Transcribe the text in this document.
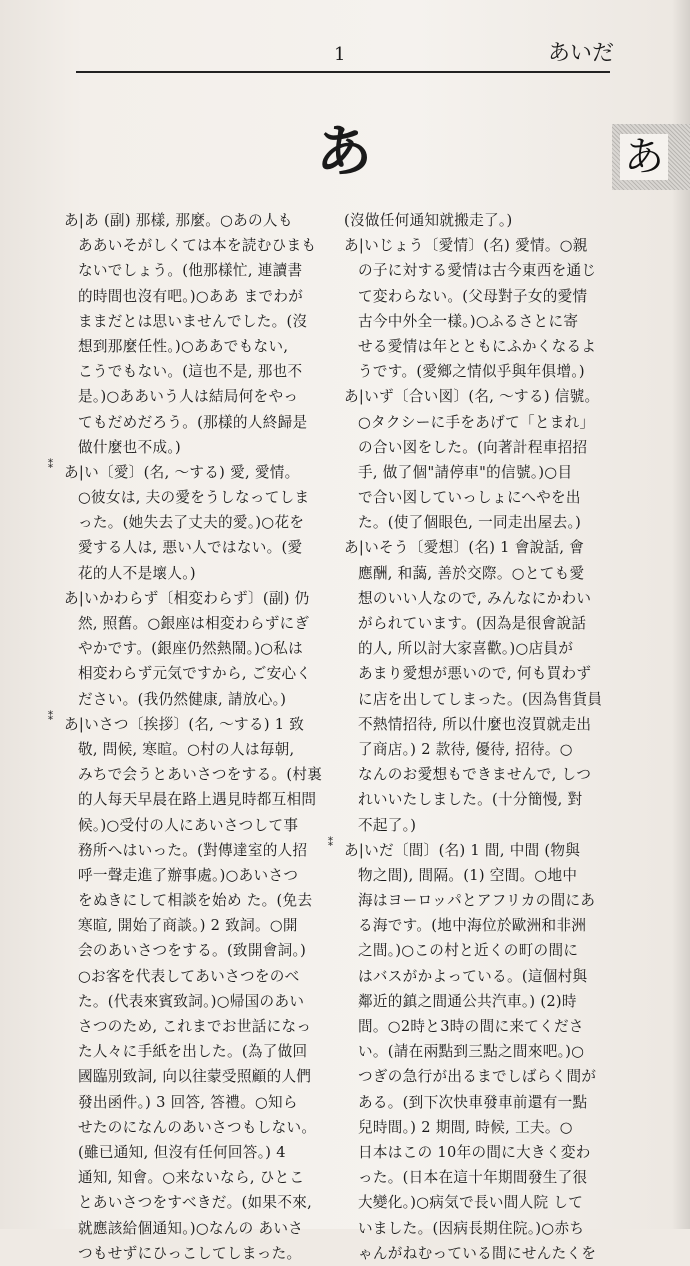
1	あいだ
あ	あ
あ|あ (副) 那樣, 那麼。○あの人も
ああいそがしくては本を読むひまも
ないでしょう。(他那樣忙, 連讀書
的時間也沒有吧。)○ああ までわが
ままだとは思いませんでした。(沒
想到那麼任性。)○ああでもない,
こうでもない。(這也不是, 那也不
是。)○ああいう人は結局何をやっ
てもだめだろう。(那樣的人終歸是
做什麼也不成。)
⁑ あ|い〔愛〕(名, ～する) 愛, 愛情。
○彼女は, 夫の愛をうしなってしま
った。(她失去了丈夫的愛。)○花を
愛する人は, 悪い人ではない。(愛
花的人不是壞人。)
あ|いかわらず〔相変わらず〕(副) 仍
然, 照舊。○銀座は相変わらずにぎ
やかです。(銀座仍然熱鬧。)○私は
相変わらず元気ですから, ご安心く
ださい。(我仍然健康, 請放心。)
⁑ あ|いさつ〔挨拶〕(名, ～する) 1 致
敬, 問候, 寒暄。○村の人は毎朝,
みちで会うとあいさつをする。(村裏
的人每天早晨在路上遇見時都互相問
候。)○受付の人にあいさつして事
務所へはいった。(對傳達室的人招
呼一聲走進了辦事處。)○あいさつ
をぬきにして相談を始め た。(免去
寒暄, 開始了商談。) 2 致詞。○開
会のあいさつをする。(致開會詞。)
○お客を代表してあいさつをのべ
た。(代表來賓致詞。)○帰国のあい
さつのため, これまでお世話になっ
た人々に手紙を出した。(為了做回
國臨別致詞, 向以往蒙受照顧的人們
發出函件。) 3 回答, 答禮。○知ら
せたのになんのあいさつもしない。
(雖已通知, 但沒有任何回答。) 4
通知, 知會。○来ないなら, ひとこ
とあいさつをすべきだ。(如果不來,
就應該給個通知。)○なんの あいさ
つもせずにひっこしてしまった。
(沒做任何通知就搬走了。)
あ|いじょう〔愛情〕(名) 愛情。○親
の子に対する愛情は古今東西を通じ
て変わらない。(父母對子女的愛情
古今中外全一樣。)○ふるさとに寄
せる愛情は年とともにふかくなるよ
うです。(愛鄉之情似乎與年俱增。)
あ|いず〔合い図〕(名, ～する) 信號。
○タクシーに手をあげて「とまれ」
の合い図をした。(向著計程車招招
手, 做了個"請停車"的信號。)○目
で合い図していっしょにへやを出
た。(使了個眼色, 一同走出屋去。)
あ|いそう〔愛想〕(名) 1 會說話, 會
應酬, 和藹, 善於交際。○とても愛
想のいい人なので, みんなにかわい
がられています。(因為是很會說話
的人, 所以討大家喜歡。)○店員が
あまり愛想が悪いので, 何も買わず
に店を出してしまった。(因為售貨員
不熱情招待, 所以什麼也沒買就走出
了商店。) 2 款待, 優待, 招待。○
なんのお愛想もできませんで, しつ
れいいたしました。(十分簡慢, 對
不起了。)
⁑ あ|いだ〔間〕(名) 1 間, 中間 (物與
物之間), 間隔。(1) 空間。○地中
海はヨーロッパとアフリカの間にあ
る海です。(地中海位於歐洲和非洲
之間。)○この村と近くの町の間に
はバスがかよっている。(這個村與
鄰近的鎮之間通公共汽車。) (2)時
間。○2時と3時の間に来てくださ
い。(請在兩點到三點之間來吧。)○
つぎの急行が出るまでしばらく間が
ある。(到下次快車發車前還有一點
兒時間。) 2 期間, 時候, 工夫。○
日本はこの 10年の間に大きく変わ
った。(日本在這十年期間發生了很
大變化。)○病気で長い間人院 して
いました。(因病長期住院。)○赤ち
ゃんがねむっている間にせんたくを
